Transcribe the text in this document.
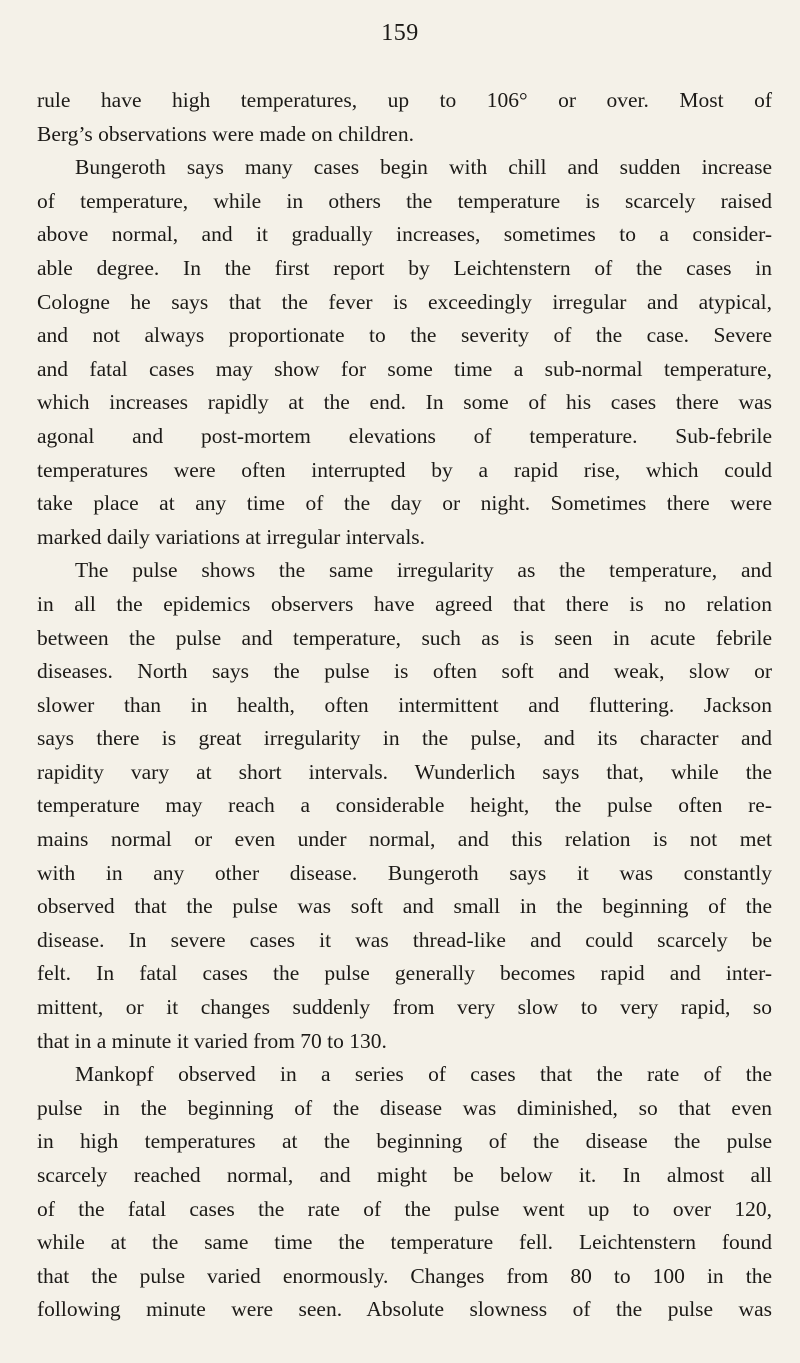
159
rule have high temperatures, up to 106° or over. Most of
Berg’s observations were made on children.
Bungeroth says many cases begin with chill and sudden increase
of temperature, while in others the temperature is scarcely raised
above normal, and it gradually increases, sometimes to a consider-
able degree. In the first report by Leichtenstern of the cases in
Cologne he says that the fever is exceedingly irregular and atypical,
and not always proportionate to the severity of the case. Severe
and fatal cases may show for some time a sub-normal temperature,
which increases rapidly at the end. In some of his cases there was
agonal and post-mortem elevations of temperature. Sub-febrile
temperatures were often interrupted by a rapid rise, which could
take place at any time of the day or night. Sometimes there were
marked daily variations at irregular intervals.
The pulse shows the same irregularity as the temperature, and
in all the epidemics observers have agreed that there is no relation
between the pulse and temperature, such as is seen in acute febrile
diseases. North says the pulse is often soft and weak, slow or
slower than in health, often intermittent and fluttering. Jackson
says there is great irregularity in the pulse, and its character and
rapidity vary at short intervals. Wunderlich says that, while the
temperature may reach a considerable height, the pulse often re-
mains normal or even under normal, and this relation is not met
with in any other disease. Bungeroth says it was constantly
observed that the pulse was soft and small in the beginning of the
disease. In severe cases it was thread-like and could scarcely be
felt. In fatal cases the pulse generally becomes rapid and inter-
mittent, or it changes suddenly from very slow to very rapid, so
that in a minute it varied from 70 to 130.
Mankopf observed in a series of cases that the rate of the
pulse in the beginning of the disease was diminished, so that even
in high temperatures at the beginning of the disease the pulse
scarcely reached normal, and might be below it. In almost all
of the fatal cases the rate of the pulse went up to over 120,
while at the same time the temperature fell. Leichtenstern found
that the pulse varied enormously. Changes from 80 to 100 in the
following minute were seen. Absolute slowness of the pulse was
